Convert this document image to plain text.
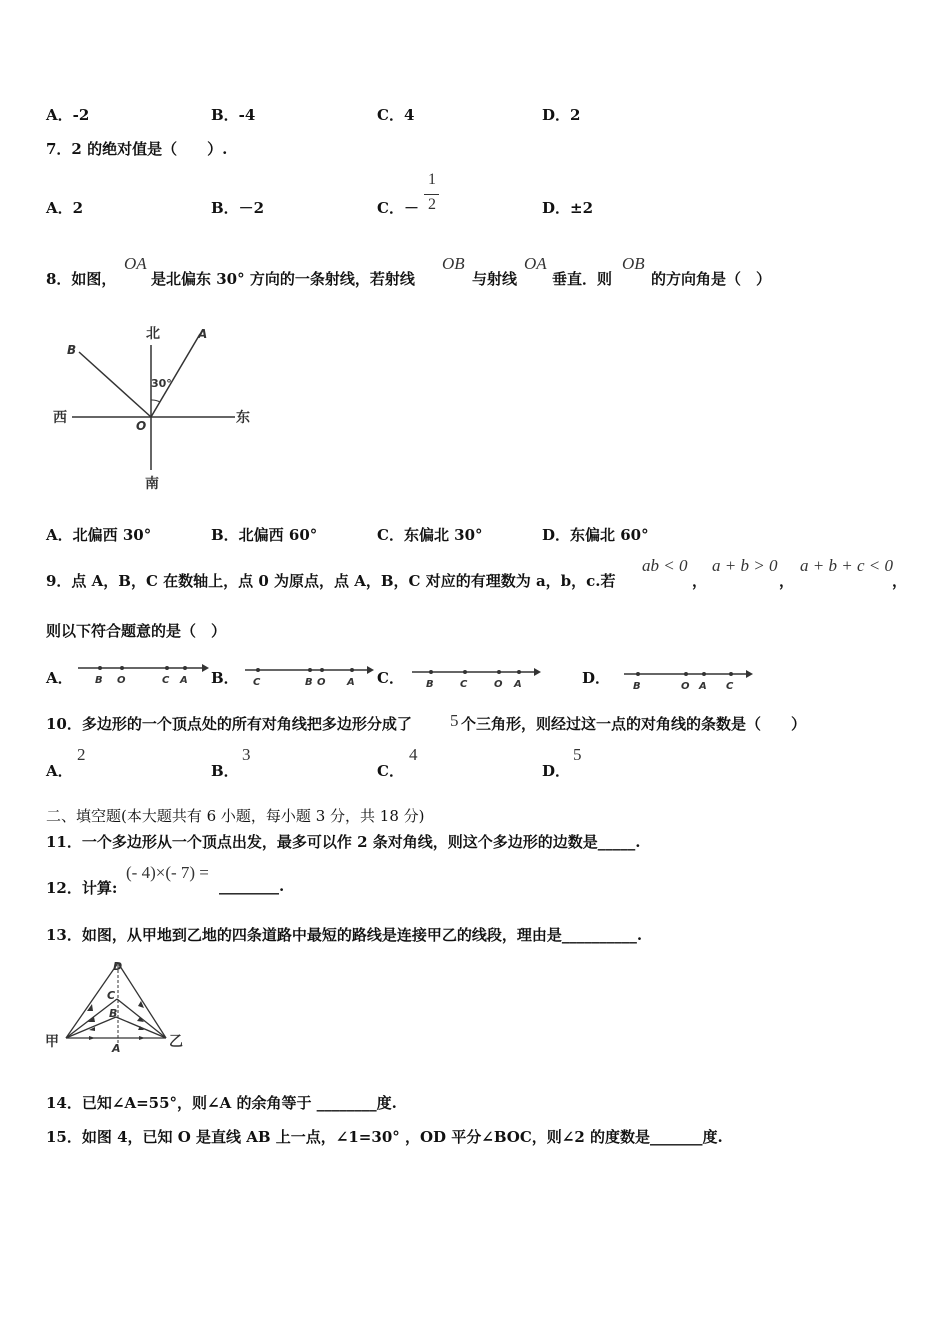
A．-2	B．-4	C．4	D．2
7．2 的绝对值是（　　）.
A．2	B．－2	C．－
1
2	D．±2
8．如图，
OA
是北偏东 30° 方向的一条射线，若射线
OB
与射线
OA
垂直．则
OB
的方向角是（　）
北
南
西	东
A
B
O
30°
A．北偏西 30°	B．北偏西 60°	C．东偏北 30°	D．东偏北 60°
9．点 A，B，C 在数轴上，点 0 为原点，点 A，B，C 对应的有理数为 a，b，c.若
ab < 0
，
a + b > 0
，
a + b + c < 0
，
则以下符合题意的是（　）
A． B O	C A B． C	B O A C． B	C	O A	D． B	O A C
10．多边形的一个顶点处的所有对角线把多边形分成了 5 个三角形，则经过这一点的对角线的条数是（　　）
A．
2
B．
3
C．
4
D．
5
二、填空题(本大题共有 6 小题，每小题 3 分，共 18 分)
11．一个多边形从一个顶点出发，最多可以作 2 条对角线，则这个多边形的边数是_____.
12．计算:
(- 4)×(- 7) =
________.
13．如图，从甲地到乙地的四条道路中最短的路线是连接甲乙的线段，理由是__________.
甲	乙
D
C
B
A
14．已知∠A=55°，则∠A 的余角等于 ________度.
15．如图 4，已知 O 是直线 AB 上一点，∠1=30° ，OD 平分∠BOC，则∠2 的度数是_______度.
